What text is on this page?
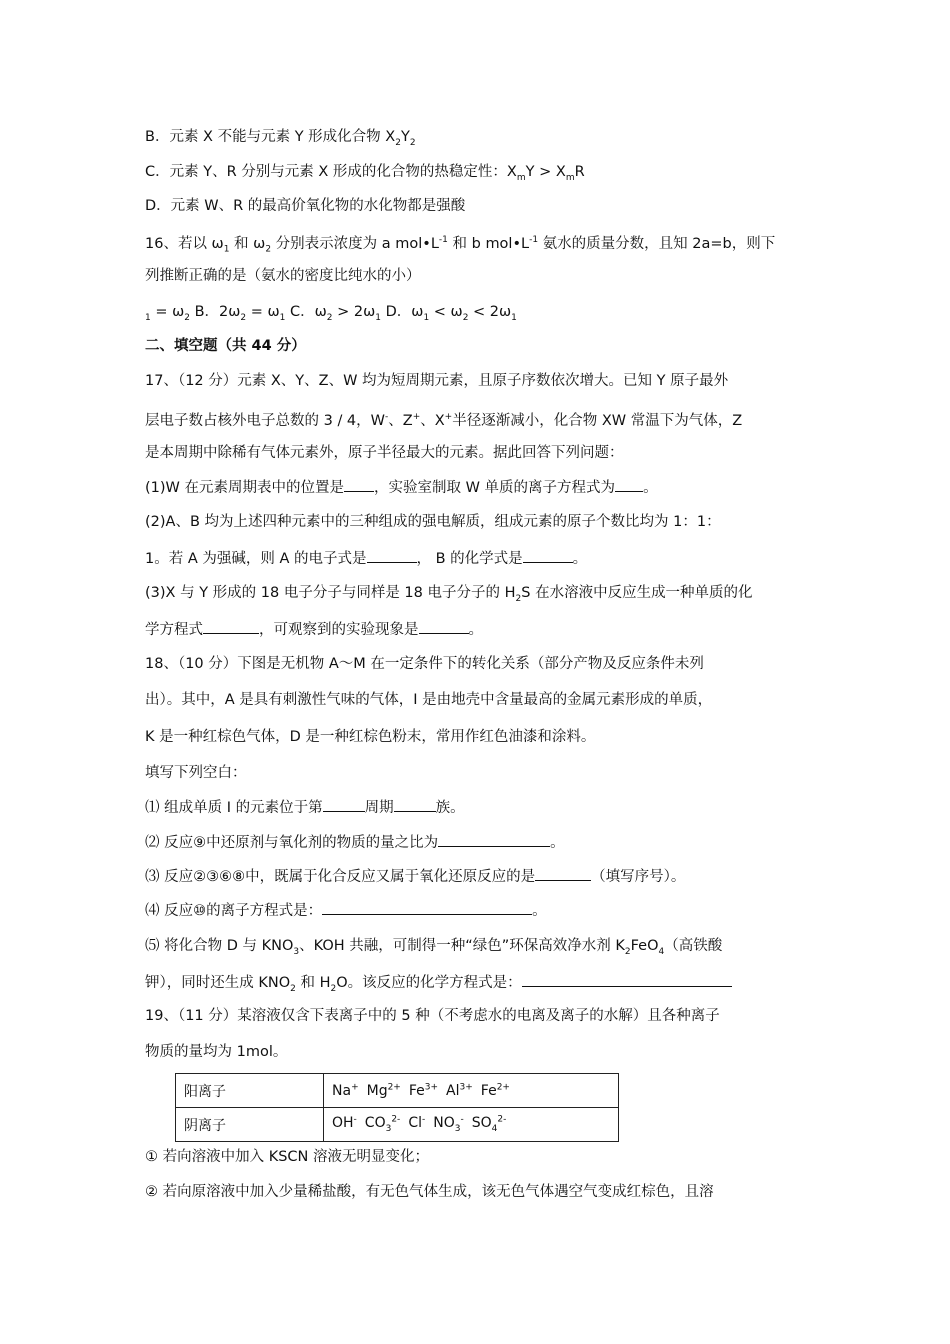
B．元素 X 不能与元素 Y 形成化合物 $X_2Y_2$
C．元素 Y、R 分别与元素 X 形成的化合物的热稳定性：$X_mY > X_mR$
D．元素 W、R 的最高价氧化物的水化物都是强酸
16、若以 $\omega_1$ 和 $\omega_2$ 分别表示浓度为 a $mol•L^{-1}$ 和 b $mol•L^{-1}$ 氨水的质量分数，且知 2a=b，则下
列推断正确的是（氨水的密度比纯水的小）
$_1 = \omega_2$ B．$2\omega_2 = \omega_1$ C．$\omega_2 > 2\omega_1$ D．$\omega_1 < \omega_2 < 2\omega_1$
二、填空题（共 44 分）
17、（12 分）元素 X、Y、Z、W 均为短周期元素，且原子序数依次增大。已知 Y 原子最外
层电子数占核外电子总数的 3 / 4，W-、Z+、X+半径逐渐减小，化合物 XW 常温下为气体，Z
是本周期中除稀有气体元素外，原子半径最大的元素。据此回答下列问题：
(1)W 在元素周期表中的位置是 ，实验室制取 W 单质的离子方程式为 。
(2)A、B 均为上述四种元素中的三种组成的强电解质，组成元素的原子个数比均为 1：1：
1。若 A 为强碱，则 A 的电子式是	， B 的化学式是	。
(3)X 与 Y 形成的 18 电子分子与同样是 18 电子分子的 $H_2S$ 在水溶液中反应生成一种单质的化
学方程式	，可观察到的实验现象是	。
18、（10 分）下图是无机物 A～M 在一定条件下的转化关系（部分产物及反应条件未列
出）。其中，A 是具有刺激性气味的气体，I 是由地壳中含量最高的金属元素形成的单质，
K 是一种红棕色气体，D 是一种红棕色粉末，常用作红色油漆和涂料。
填写下列空白：
⑴ 组成单质 I 的元素位于第	周期	族。
⑵ 反应⑨中还原剂与氧化剂的物质的量之比为	。
⑶ 反应②③⑥⑧中，既属于化合反应又属于氧化还原反应的是	（填写序号）。
⑷ 反应⑩的离子方程式是：	。
⑸ 将化合物 D 与 $KNO_3$、KOH 共融，可制得一种“绿色”环保高效净水剂 $K_2FeO_4$（高铁酸
钾），同时还生成 $KNO_2$ 和 $H_2O$。该反应的化学方程式是：
19、（11 分）某溶液仅含下表离子中的 5 种（不考虑水的电离及离子的水解）且各种离子
物质的量均为 1mol。
阳离子	Na+ $Mg^{2+}$ $Fe^{3+}$ $Al^{3+}$ $Fe^{2+}$
阴离子	OH- $CO_3^{2-}$ Cl- $NO_3^-$ $SO_4^{2-}$
① 若向溶液中加入 KSCN 溶液无明显变化；
② 若向原溶液中加入少量稀盐酸，有无色气体生成，该无色气体遇空气变成红棕色，且溶
